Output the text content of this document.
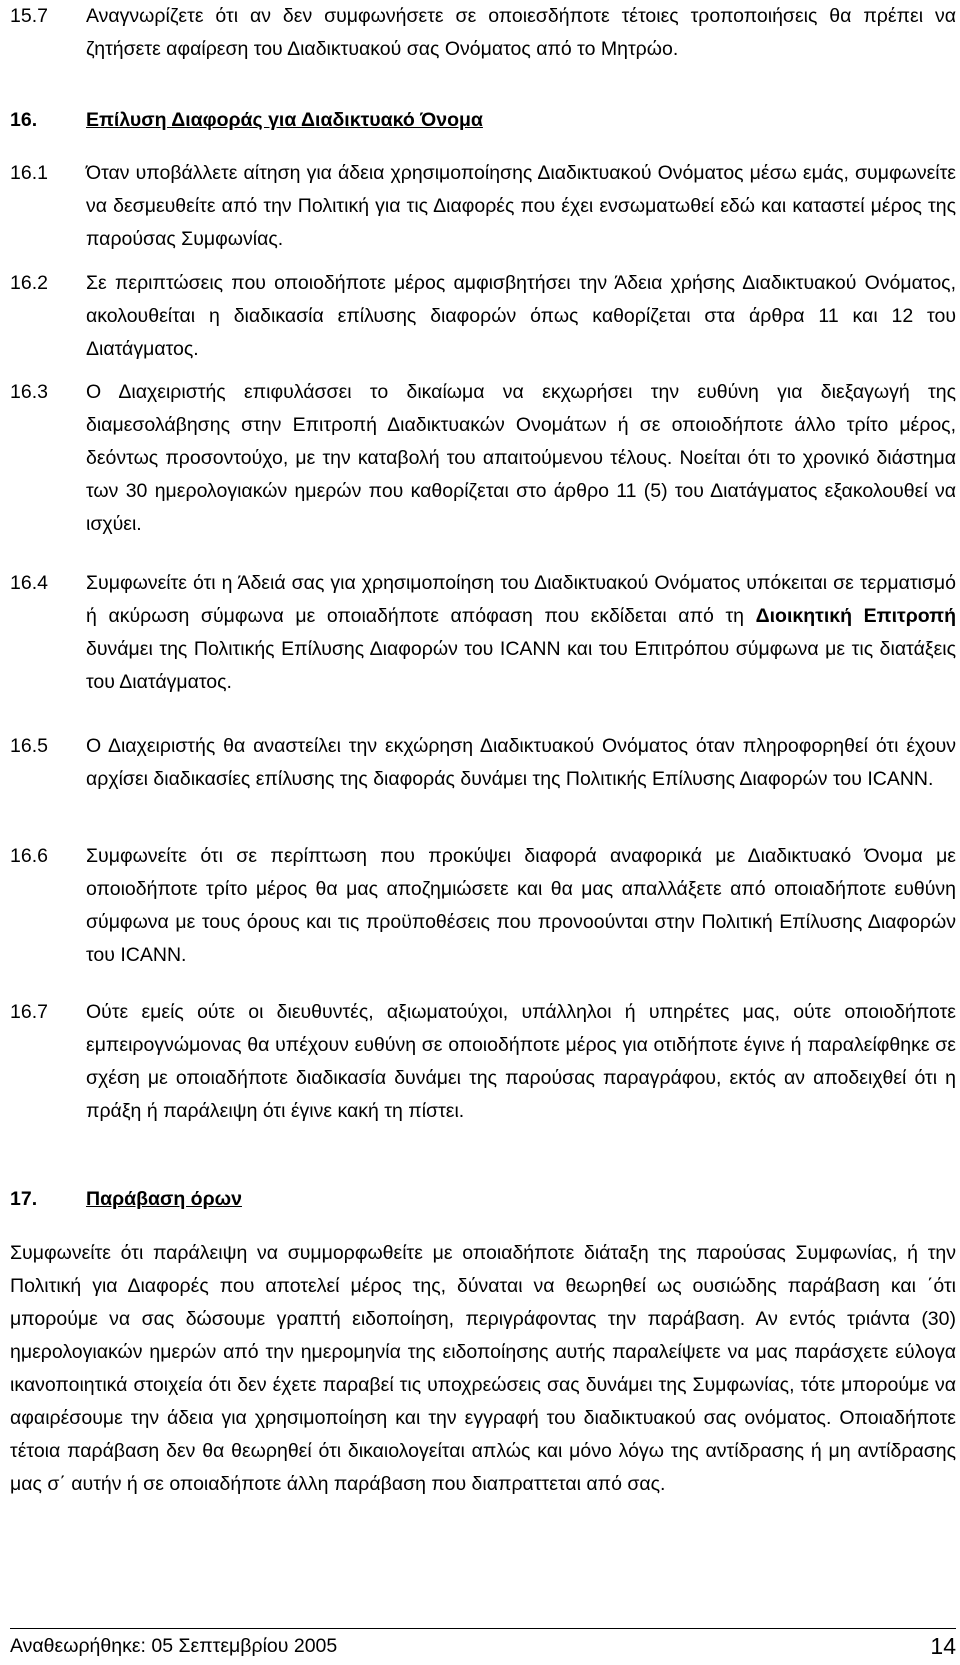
15.7	Αναγνωρίζετε ότι αν δεν συμφωνήσετε σε οποιεσδήποτε τέτοιες τροποποιήσεις θα πρέπει να ζητήσετε αφαίρεση του Διαδικτυακού σας Ονόματος από το Μητρώο.
16.	Επίλυση Διαφοράς για Διαδικτυακό Όνομα
16.1	Όταν υποβάλλετε αίτηση για άδεια χρησιμοποίησης Διαδικτυακού Ονόματος μέσω εμάς, συμφωνείτε να δεσμευθείτε από την Πολιτική για τις Διαφορές που έχει ενσωματωθεί εδώ και καταστεί μέρος της παρούσας Συμφωνίας.
16.2	Σε περιπτώσεις που οποιοδήποτε μέρος αμφισβητήσει την Άδεια χρήσης Διαδικτυακού Ονόματος, ακολουθείται η διαδικασία επίλυσης διαφορών όπως καθορίζεται στα άρθρα 11 και 12 του Διατάγματος.
16.3	Ο Διαχειριστής επιφυλάσσει το δικαίωμα να εκχωρήσει την ευθύνη για διεξαγωγή της διαμεσολάβησης στην Επιτροπή Διαδικτυακών Ονομάτων ή σε οποιοδήποτε άλλο τρίτο μέρος, δεόντως προσοντούχο, με την καταβολή του απαιτούμενου τέλους. Νοείται ότι το χρονικό διάστημα των 30 ημερολογιακών ημερών που καθορίζεται στο άρθρο 11 (5) του Διατάγματος εξακολουθεί να ισχύει.
16.4	Συμφωνείτε ότι η Άδειά σας για χρησιμοποίηση του Διαδικτυακού Ονόματος υπόκειται σε τερματισμό ή ακύρωση σύμφωνα με οποιαδήποτε απόφαση που εκδίδεται από τη Διοικητική Επιτροπή δυνάμει της Πολιτικής Επίλυσης Διαφορών του ICANN και του Επιτρόπου σύμφωνα με τις διατάξεις του Διατάγματος.
16.5	Ο Διαχειριστής θα αναστείλει την εκχώρηση Διαδικτυακού Ονόματος όταν πληροφορηθεί ότι έχουν αρχίσει διαδικασίες επίλυσης της διαφοράς δυνάμει της Πολιτικής Επίλυσης Διαφορών του ICANN.
16.6	Συμφωνείτε ότι σε περίπτωση που προκύψει διαφορά αναφορικά με Διαδικτυακό Όνομα με οποιοδήποτε τρίτο μέρος θα μας αποζημιώσετε και θα μας απαλλάξετε από οποιαδήποτε ευθύνη σύμφωνα με τους όρους και τις προϋποθέσεις που προνοούνται στην Πολιτική Επίλυσης Διαφορών του ICANN.
16.7	Ούτε εμείς ούτε οι διευθυντές, αξιωματούχοι, υπάλληλοι ή υπηρέτες μας, ούτε οποιοδήποτε εμπειρογνώμονας θα υπέχουν ευθύνη σε οποιοδήποτε μέρος για οτιδήποτε έγινε ή παραλείφθηκε σε σχέση με οποιαδήποτε διαδικασία δυνάμει της παρούσας παραγράφου, εκτός αν αποδειχθεί ότι η πράξη ή παράλειψη ότι έγινε κακή τη πίστει.
17.	Παράβαση όρων
Συμφωνείτε ότι παράλειψη να συμμορφωθείτε με οποιαδήποτε διάταξη της παρούσας Συμφωνίας, ή την Πολιτική για Διαφορές που αποτελεί μέρος της, δύναται να θεωρηθεί ως ουσιώδης παράβαση και ΄ότι μπορούμε να σας δώσουμε γραπτή ειδοποίηση, περιγράφοντας την παράβαση. Αν εντός τριάντα (30) ημερολογιακών ημερών από την ημερομηνία της ειδοποίησης αυτής παραλείψετε να μας παράσχετε εύλογα ικανοποιητικά στοιχεία ότι δεν έχετε παραβεί τις υποχρεώσεις σας δυνάμει της Συμφωνίας, τότε μπορούμε να αφαιρέσουμε την άδεια για χρησιμοποίηση και την εγγραφή του διαδικτυακού σας ονόματος. Οποιαδήποτε τέτοια παράβαση δεν θα θεωρηθεί ότι δικαιολογείται απλώς και μόνο λόγω της αντίδρασης ή μη αντίδρασης μας σ΄ αυτήν ή σε οποιαδήποτε άλλη παράβαση που διαπραττεται από σας.
Αναθεωρήθηκε: 05 Σεπτεμβρίου 2005	14
